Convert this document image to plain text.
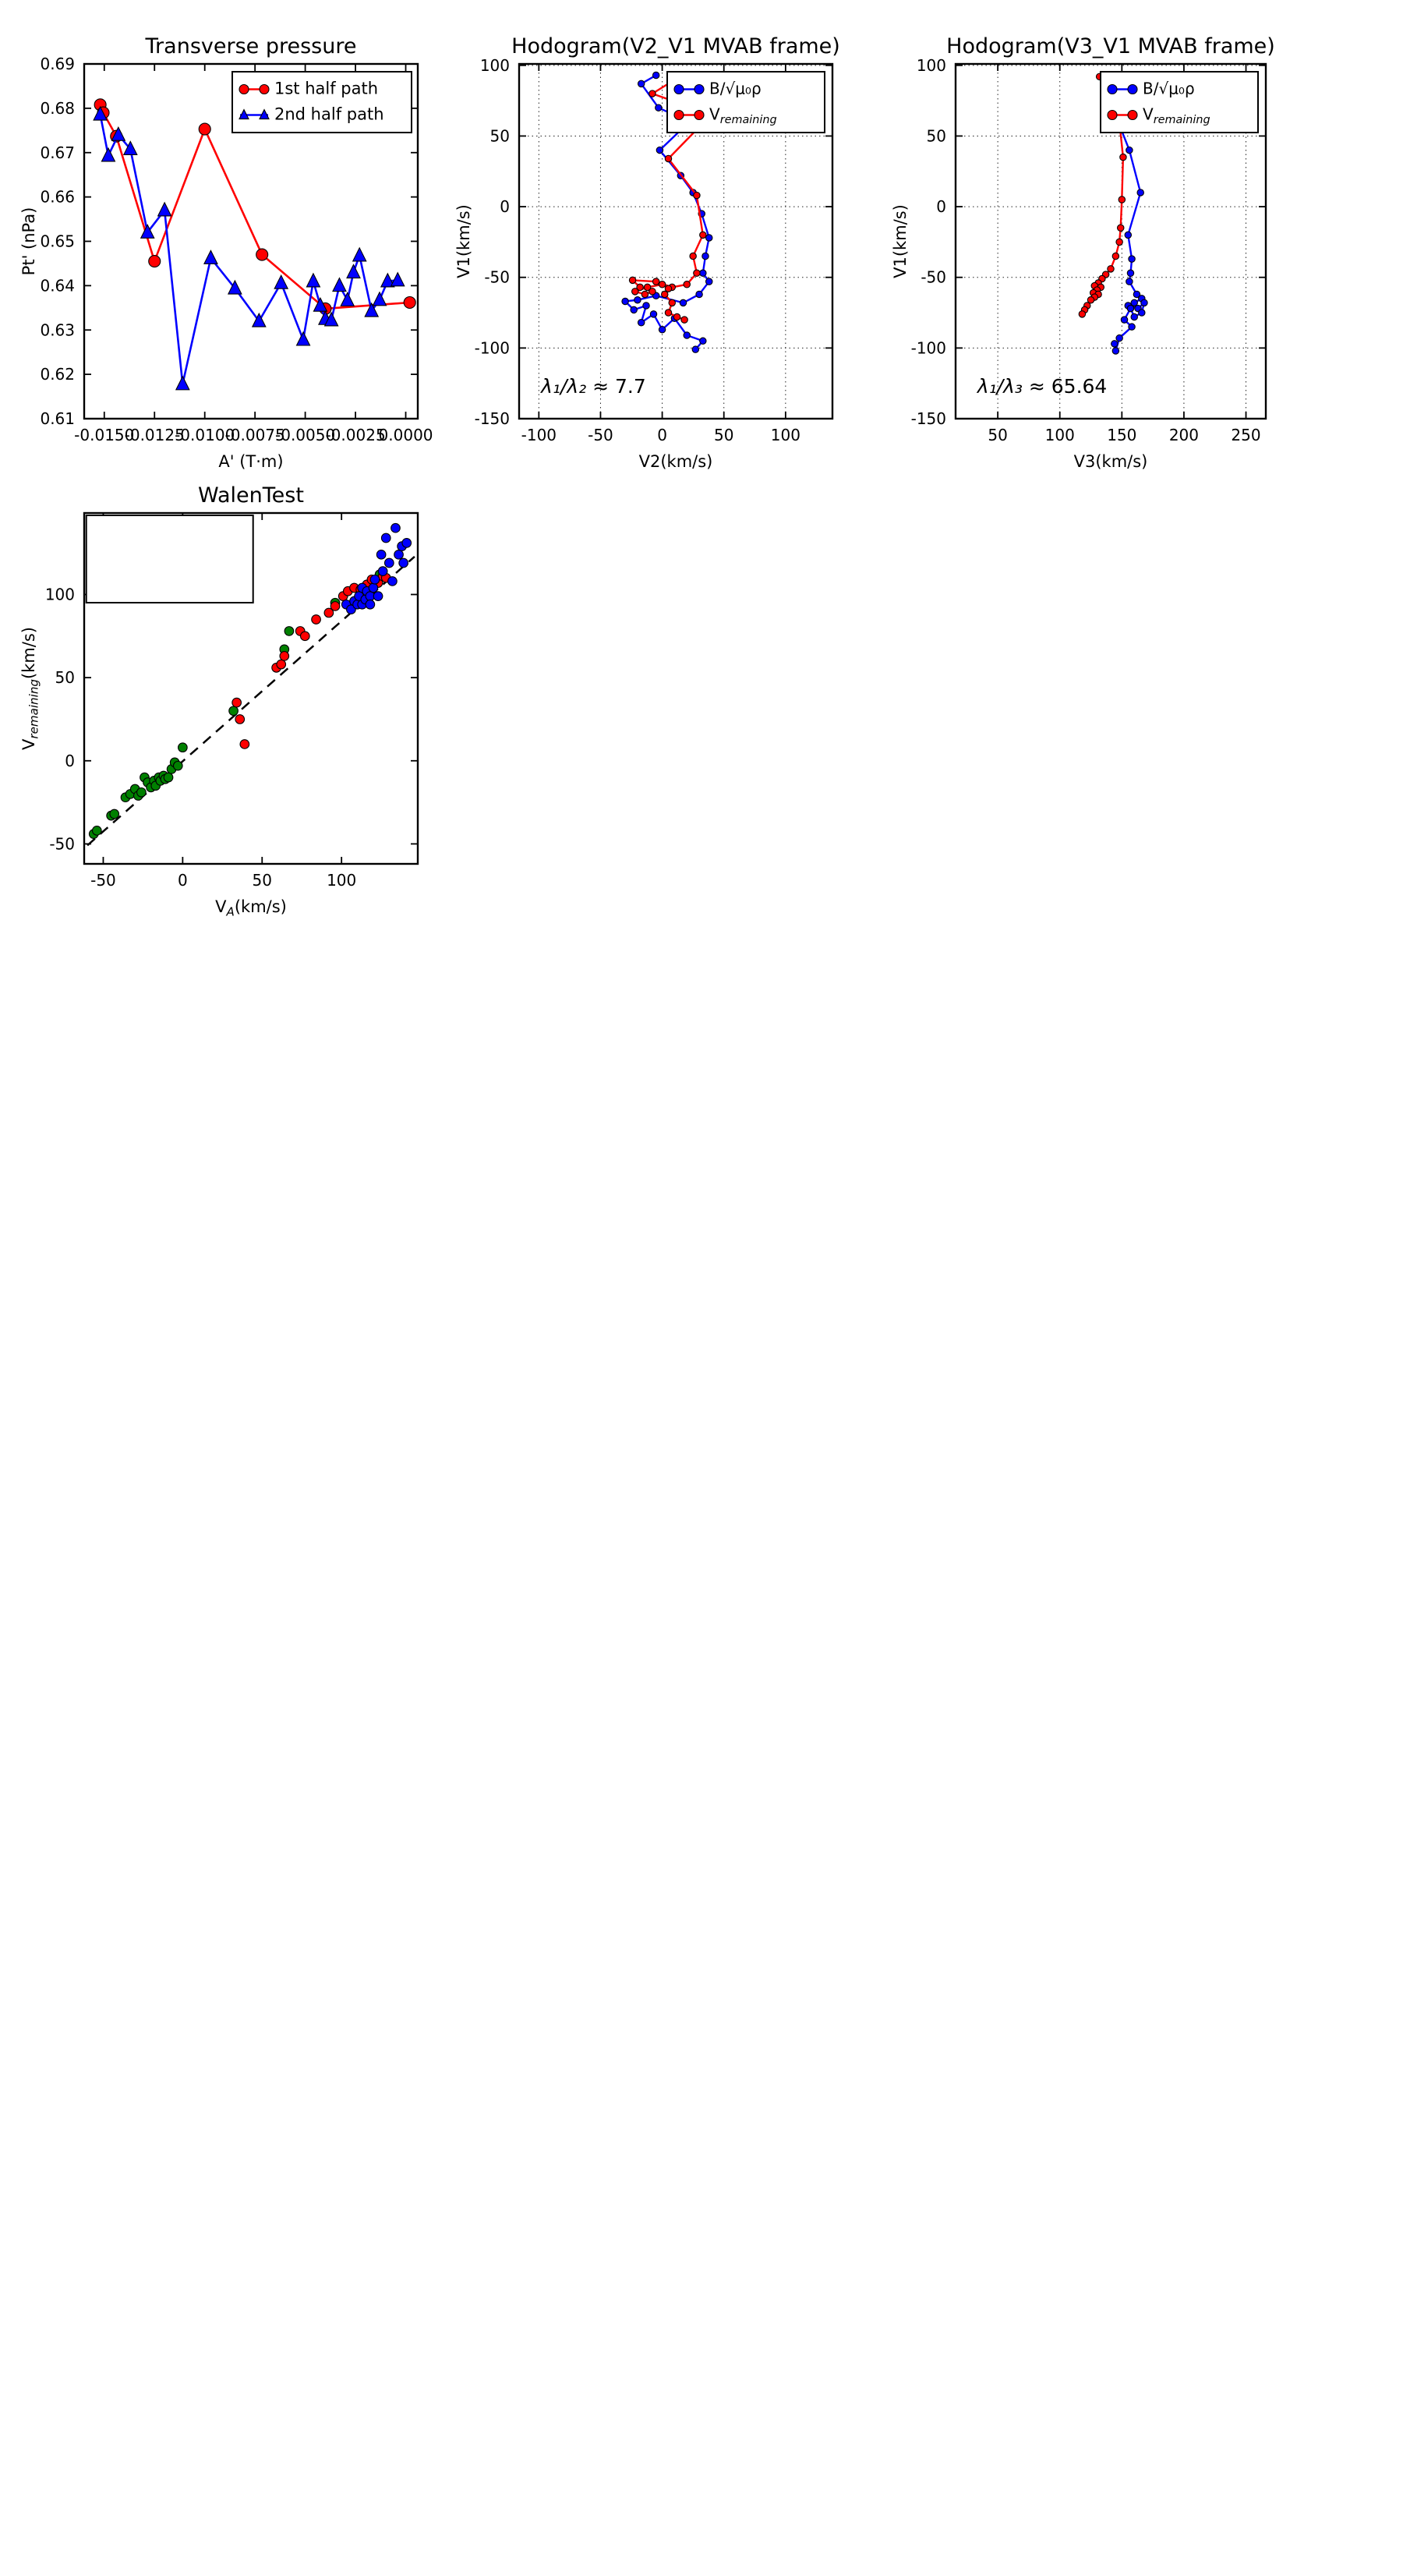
-0.0150
-0.0125
-0.0100
-0.0075
-0.0050
-0.0025
0.0000
0.61
0.62
0.63
0.64
0.65
0.66
0.67
0.68
0.69
Transverse pressure
A' (T·m)
Pt' (nPa)
1st half path
2nd half path
-100 -50	0	50 100
-150
-100
-50
0
50
100
Hodogram(V2_V1 MVAB frame)
V2(km/s)
V1(km/s)
B/√μ₀ρ
$V_{remaining}$
λ₁/λ₂ ≈ 7.7
50 100 150 200 250
-150
-100
-50
0
50
100
Hodogram(V3_V1 MVAB frame)
V3(km/s)
V1(km/s)
B/√μ₀ρ
$V_{remaining}$
λ₁/λ₃ ≈ 65.64
-50	0	50	100
-50
0
50
100
WalenTest
$V_A(km/s)$
$V_{remaining}(km/s)$
